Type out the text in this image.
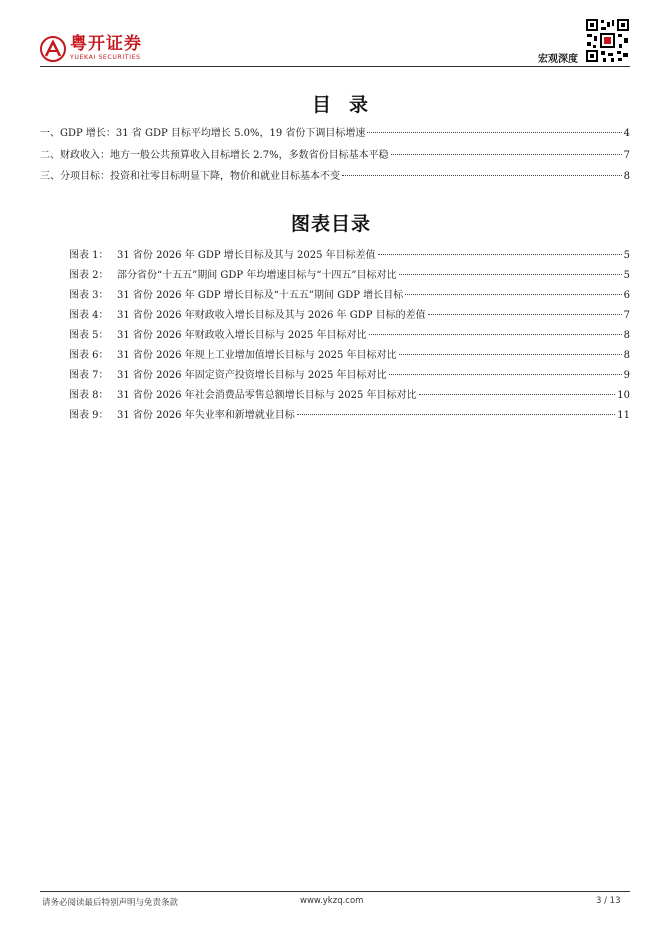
粤开证券
YUEKAI SECURITIES	宏观深度
目录
一、GDP 增长：31 省 GDP 目标平均增长 5.0%，19 省份下调目标增速	4
二、财政收入：地方一般公共预算收入目标增长 2.7%，多数省份目标基本平稳	7
三、分项目标：投资和社零目标明显下降，物价和就业目标基本不变	8
图表目录
图表 1： 31 省份 2026 年 GDP 增长目标及其与 2025 年目标差值	5
图表 2： 部分省份“十五五”期间 GDP 年均增速目标与“十四五”目标对比	5
图表 3： 31 省份 2026 年 GDP 增长目标及“十五五”期间 GDP 增长目标	6
图表 4： 31 省份 2026 年财政收入增长目标及其与 2026 年 GDP 目标的差值	7
图表 5： 31 省份 2026 年财政收入增长目标与 2025 年目标对比	8
图表 6： 31 省份 2026 年规上工业增加值增长目标与 2025 年目标对比	8
图表 7： 31 省份 2026 年固定资产投资增长目标与 2025 年目标对比	9
图表 8： 31 省份 2026 年社会消费品零售总额增长目标与 2025 年目标对比	10
图表 9： 31 省份 2026 年失业率和新增就业目标	11
请务必阅读最后特别声明与免责条款	www.ykzq.com	3 / 13
